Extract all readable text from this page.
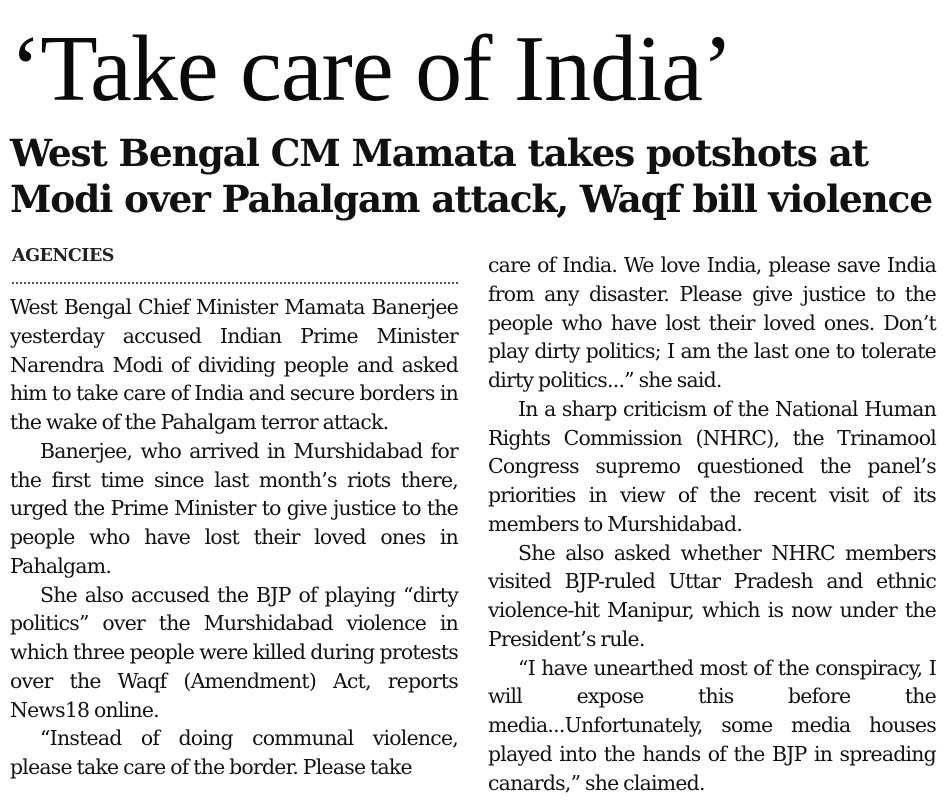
‘Take care of India’
West Bengal CM Mamata takes potshots at Modi over Pahalgam attack, Waqf bill violence
AGENCIES

West Bengal Chief Minister Mamata Banerjee yesterday accused Indian Prime Minister Narendra Modi of dividing people and asked him to take care of India and secure borders in the wake of the Pahalgam terror attack.

Banerjee, who arrived in Murshidabad for the first time since last month’s riots there, urged the Prime Minister to give justice to the people who have lost their loved ones in Pahalgam.

She also accused the BJP of playing “dirty politics” over the Murshidabad violence in which three people were killed during protests over the Waqf (Amendment) Act, reports News18 online.

“Instead of doing communal violence, please take care of the border. Please take

care of India. We love India, please save India from any disaster. Please give justice to the people who have lost their loved ones. Don’t play dirty politics; I am the last one to tolerate dirty politics...” she said.

In a sharp criticism of the National Human Rights Commission (NHRC), the Trinamool Congress supremo questioned the panel’s priorities in view of the recent visit of its members to Murshidabad.

She also asked whether NHRC members visited BJP-ruled Uttar Pradesh and ethnic violence-hit Manipur, which is now under the President’s rule.

“I have unearthed most of the conspiracy, I will expose this before the media...Unfortunately, some media houses played into the hands of the BJP in spreading canards,” she claimed.
